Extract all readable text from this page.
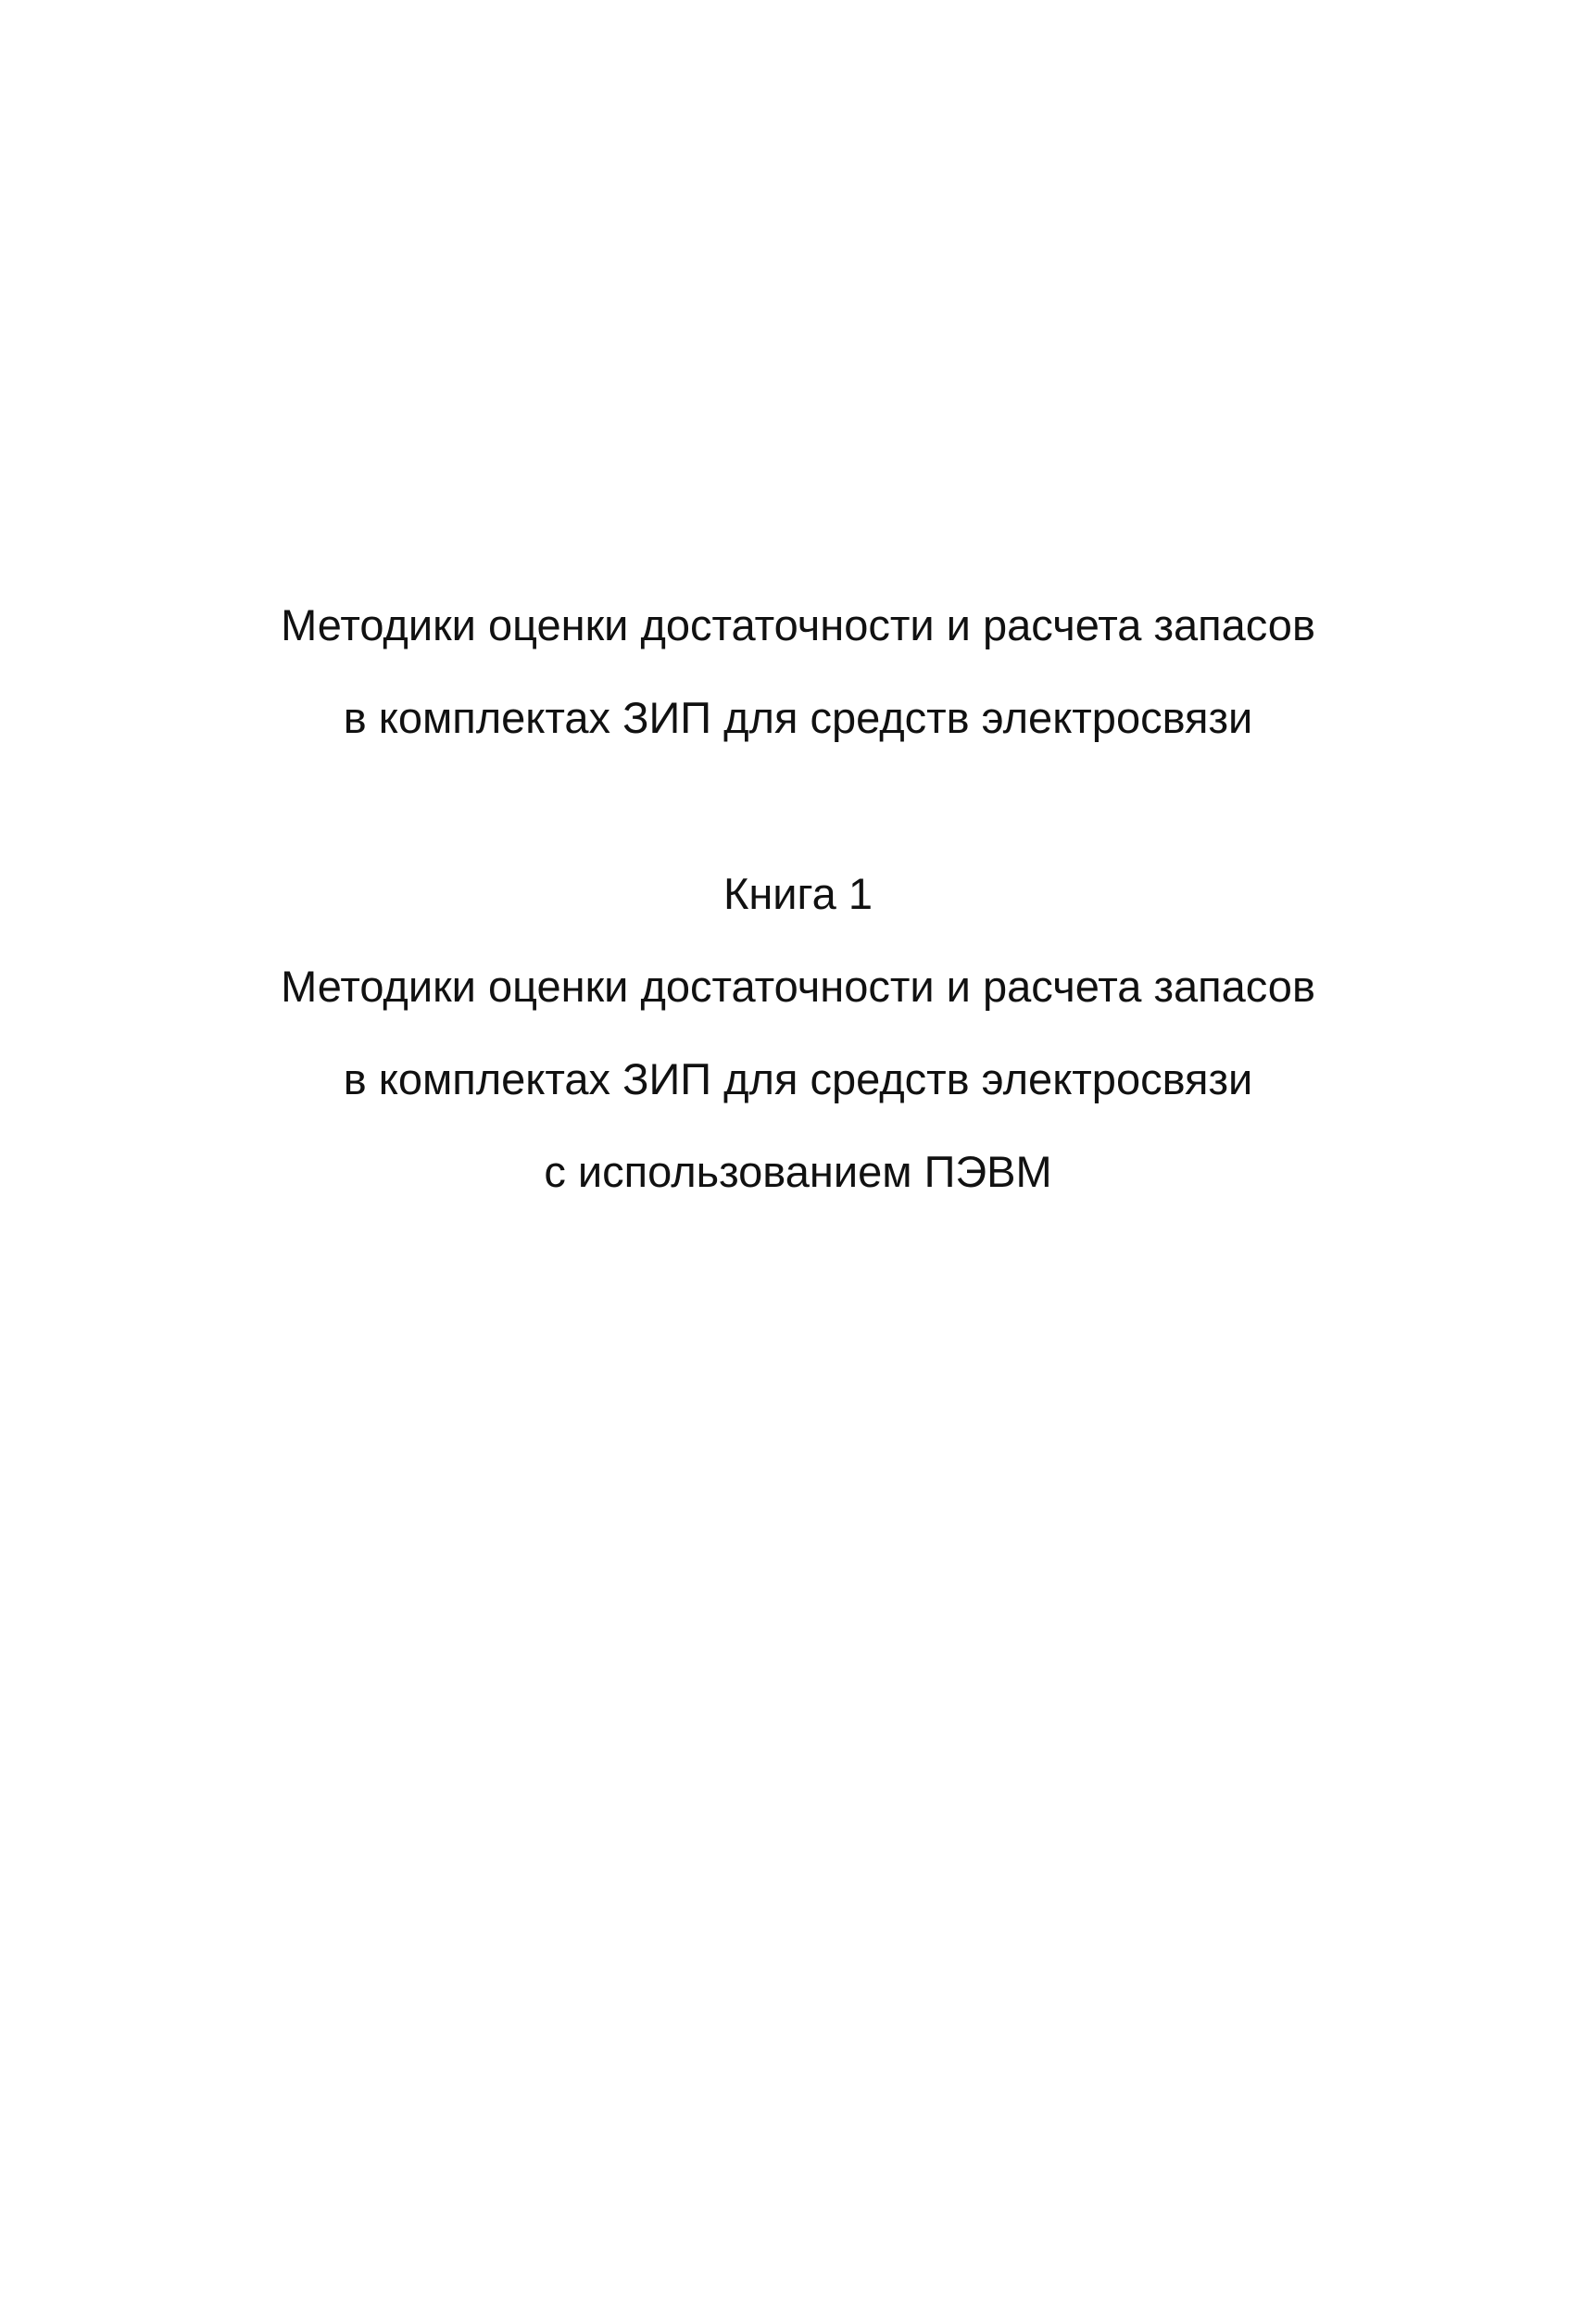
Методики оценки достаточности и расчета запасов
в комплектах ЗИП для средств электросвязи
Книга 1
Методики оценки достаточности и расчета запасов
в комплектах ЗИП для средств электросвязи
с использованием ПЭВМ
